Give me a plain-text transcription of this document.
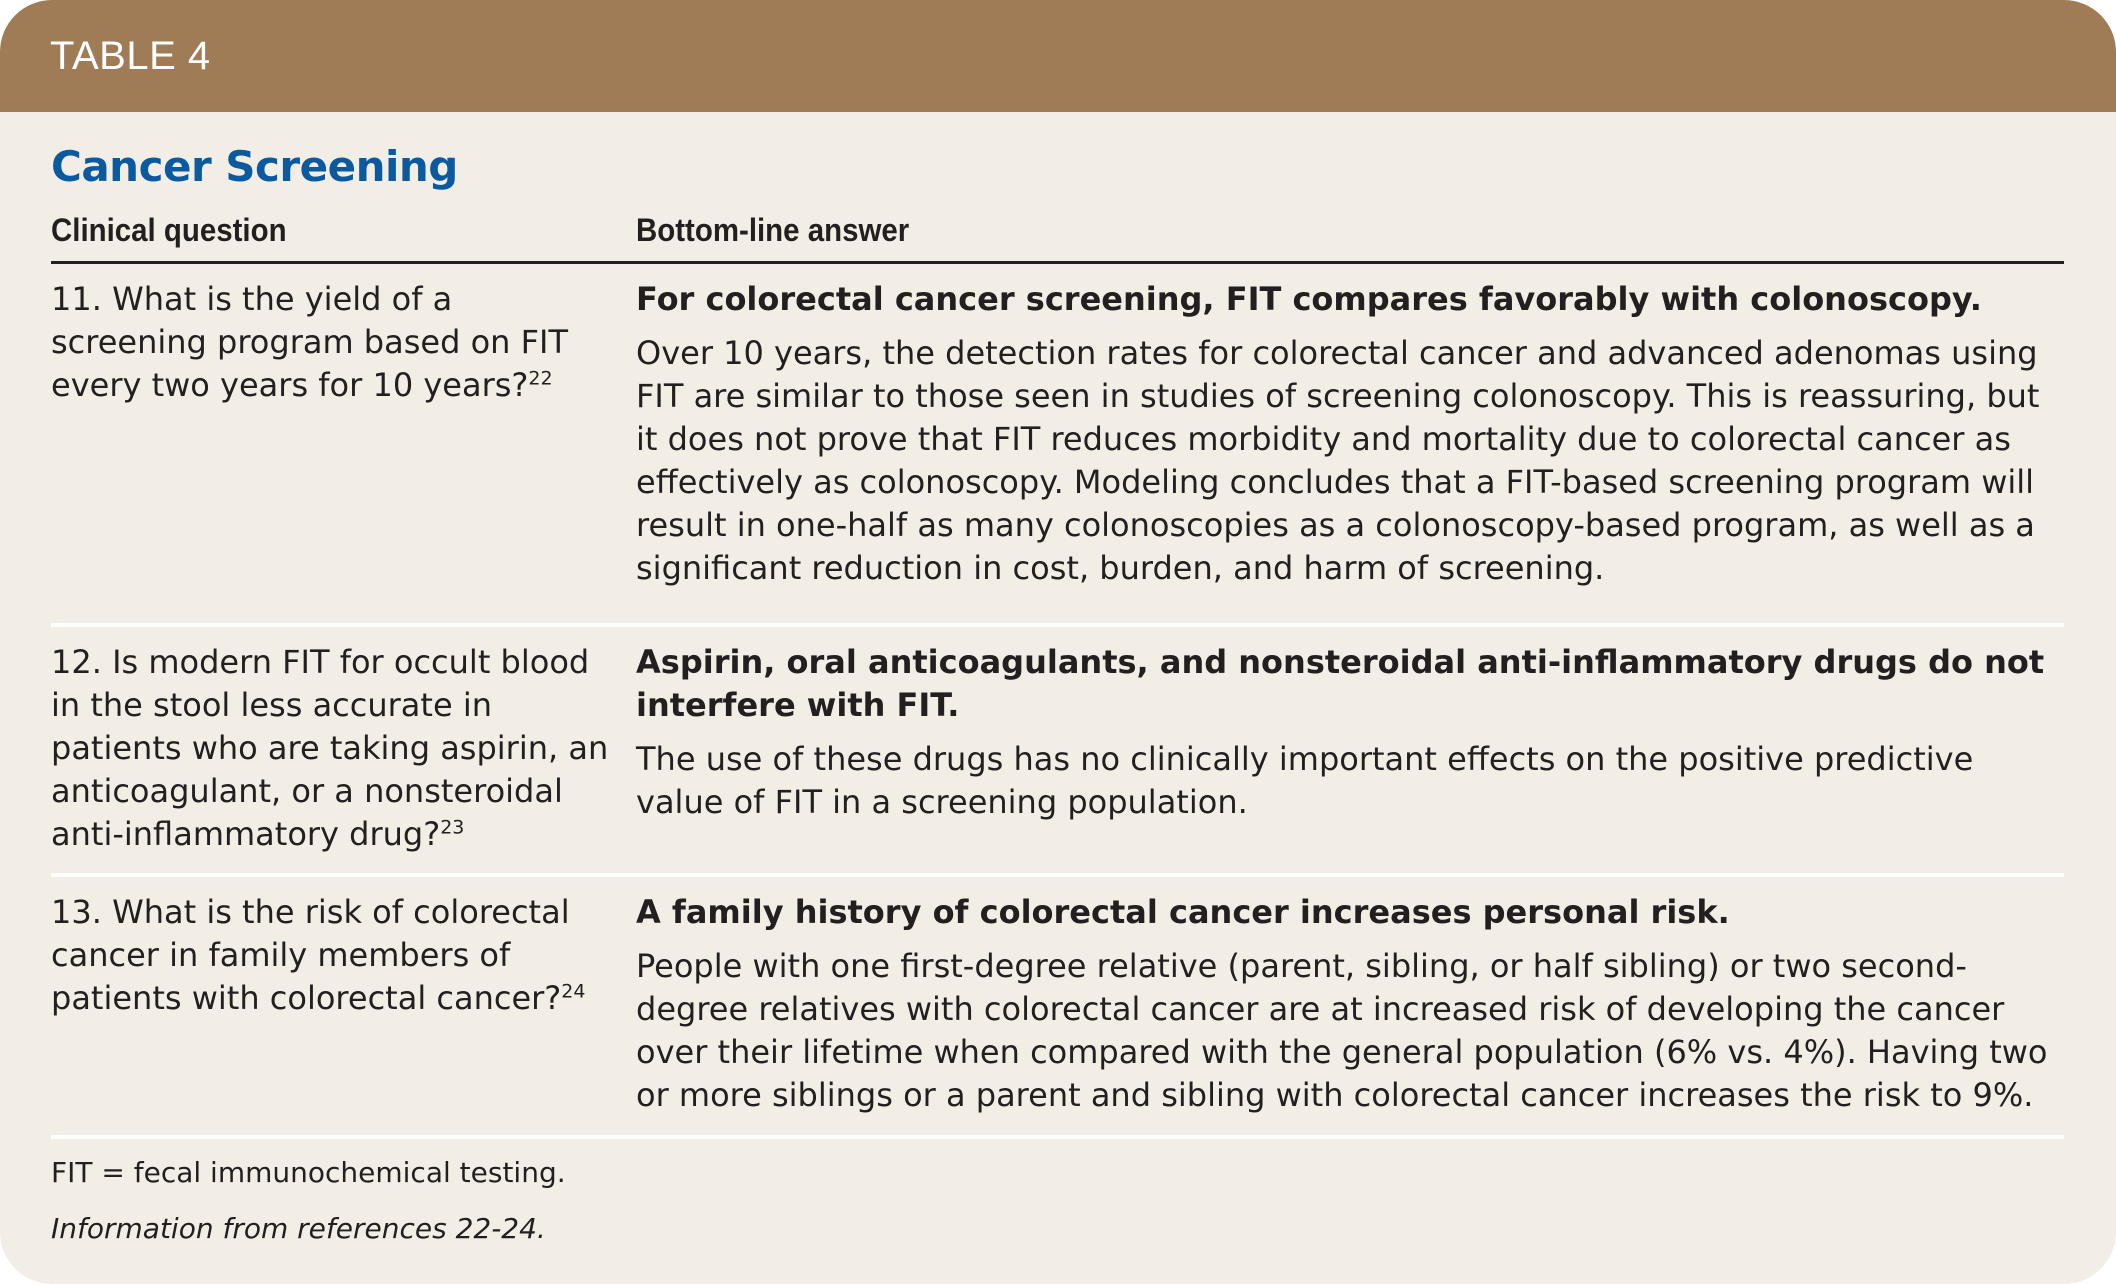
TABLE 4
Cancer Screening
Clinical question	Bottom-line answer
11. What is the yield of a screening program based on FIT every two years for 10 years?$^{22}$

For colorectal cancer screening, FIT compares favorably with colonoscopy.

Over 10 years, the detection rates for colorectal cancer and advanced adenomas using FIT are similar to those seen in studies of screening colonoscopy. This is reassuring, but it does not prove that FIT reduces morbidity and mortality due to colorectal cancer as effectively as colonoscopy. Modeling concludes that a FIT-based screening program will result in one-half as many colonoscopies as a colonoscopy-based program, as well as a significant reduction in cost, burden, and harm of screening.

12. Is modern FIT for occult blood in the stool less accurate in patients who are taking aspirin, an anticoagulant, or a nonsteroidal anti-inflammatory drug?$^{23}$

Aspirin, oral anticoagulants, and nonsteroidal anti-inflammatory drugs do not interfere with FIT.

The use of these drugs has no clinically important effects on the positive predictive value of FIT in a screening population.

13. What is the risk of colorectal cancer in family members of patients with colorectal cancer?$^{24}$

A family history of colorectal cancer increases personal risk.

People with one first-degree relative (parent, sibling, or half sibling) or two second-degree relatives with colorectal cancer are at increased risk of developing the cancer over their lifetime when compared with the general population (6% vs. 4%). Having two or more siblings or a parent and sibling with colorectal cancer increases the risk to 9%.

FIT = fecal immunochemical testing.

Information from references 22-24.
